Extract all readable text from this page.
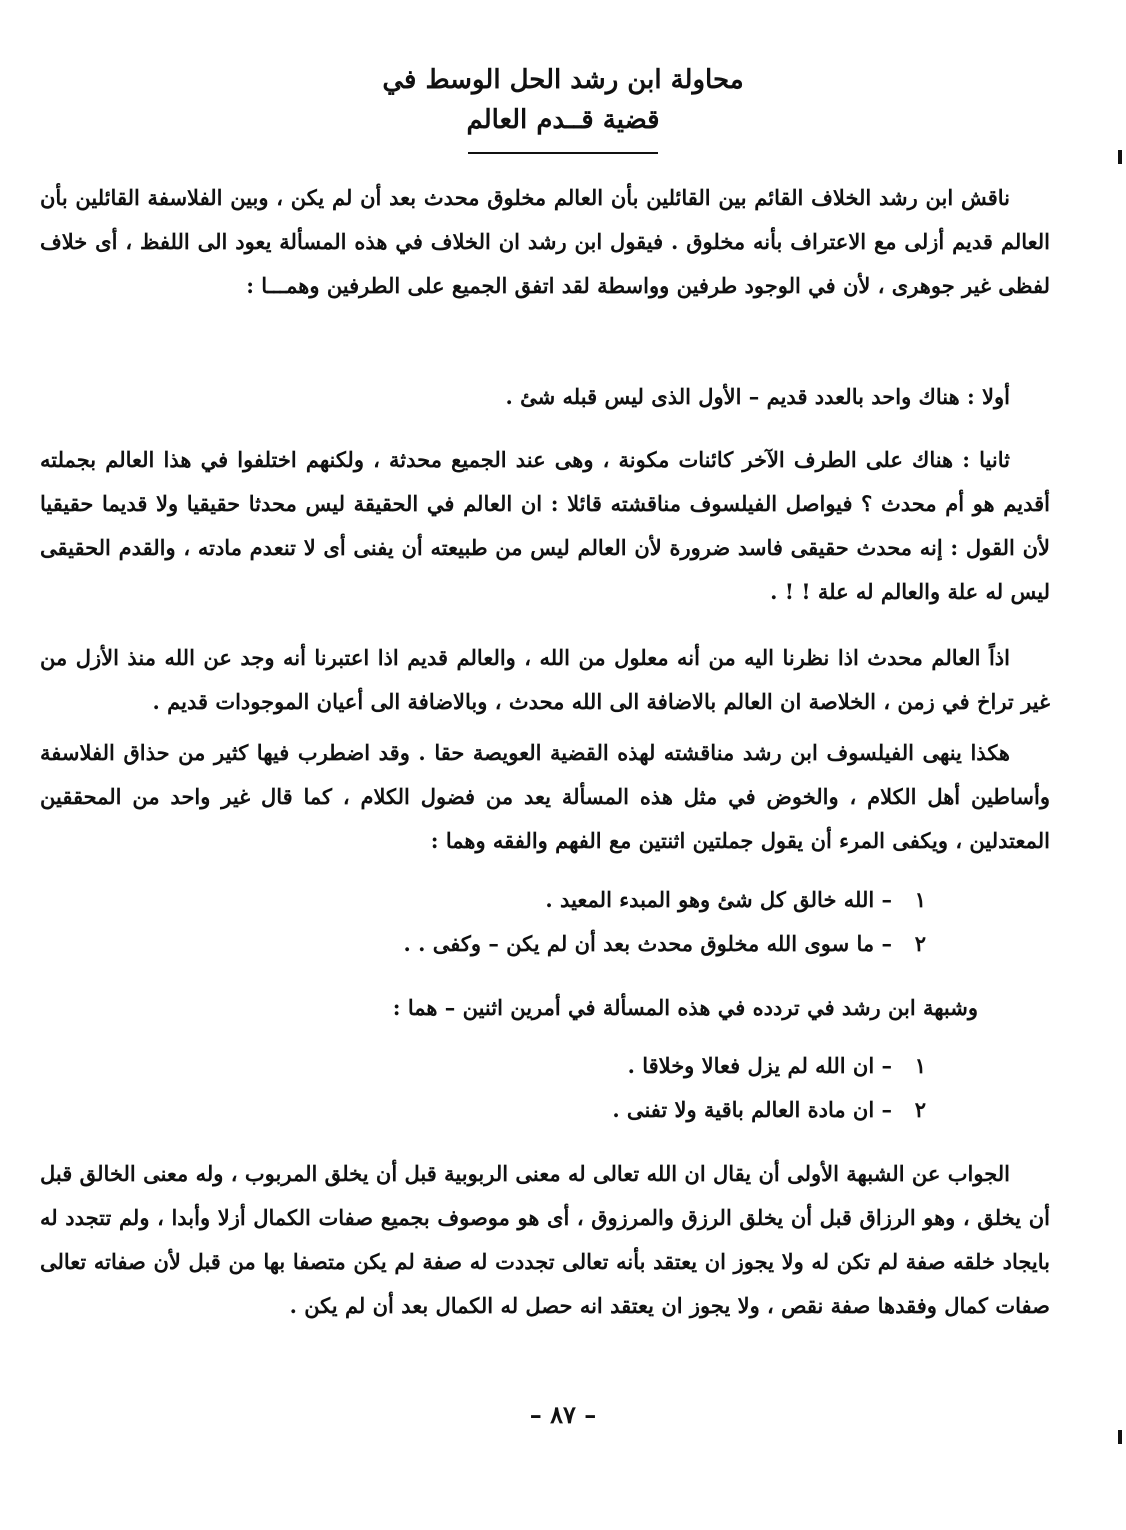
محاولة ابن رشد الحل الوسط في

قضية قــدم العالم

ناقش ابن رشد الخلاف القائم بين القائلين بأن العالم مخلوق محدث بعد أن لم يكن ، وبين الفلاسفة القائلين بأن العالم قديم أزلى مع الاعتراف بأنه مخلوق . فيقول ابن رشد ان الخلاف في هذه المسألة يعود الى اللفظ ، أى خلاف لفظى غير جوهرى ، لأن في الوجود طرفين وواسطة لقد اتفق الجميع على الطرفين وهمـــا :

أولا : هناك واحد بالعدد قديم – الأول الذى ليس قبله شئ .

ثانيا : هناك على الطرف الآخر كائنات مكونة ، وهى عند الجميع محدثة ، ولكنهم اختلفوا في هذا العالم بجملته أقديم هو أم محدث ؟ فيواصل الفيلسوف مناقشته قائلا : ان العالم في الحقيقة ليس محدثا حقيقيا ولا قديما حقيقيا لأن القول : إنه محدث حقيقى فاسد ضرورة لأن العالم ليس من طبيعته أن يفنى أى لا تنعدم مادته ، والقدم الحقيقى ليس له علة والعالم له علة ! ! .

اذاً العالم محدث اذا نظرنا اليه من أنه معلول من الله ، والعالم قديم اذا اعتبرنا أنه وجد عن الله منذ الأزل من غير تراخ في زمن ، الخلاصة ان العالم بالاضافة الى الله محدث ، وبالاضافة الى أعيان الموجودات قديم .

هكذا ينهى الفيلسوف ابن رشد مناقشته لهذه القضية العويصة حقا . وقد اضطرب فيها كثير من حذاق الفلاسفة وأساطين أهل الكلام ، والخوض في مثل هذه المسألة يعد من فضول الكلام ، كما قال غير واحد من المحققين المعتدلين ، ويكفى المرء أن يقول جملتين اثنتين مع الفهم والفقه وهما :

١– الله خالق كل شئ وهو المبدء المعيد .
٢– ما سوى الله مخلوق محدث بعد أن لم يكن – وكفى . .

وشبهة ابن رشد في تردده في هذه المسألة في أمرين اثنين – هما :

١– ان الله لم يزل فعالا وخلاقا .
٢– ان مادة العالم باقية ولا تفنى .

الجواب عن الشبهة الأولى أن يقال ان الله تعالى له معنى الربوبية قبل أن يخلق المربوب ، وله معنى الخالق قبل أن يخلق ، وهو الرزاق قبل أن يخلق الرزق والمرزوق ، أى هو موصوف بجميع صفات الكمال أزلا وأبدا ، ولم تتجدد له بايجاد خلقه صفة لم تكن له ولا يجوز ان يعتقد بأنه تعالى تجددت له صفة لم يكن متصفا بها من قبل لأن صفاته تعالى صفات كمال وفقدها صفة نقص ، ولا يجوز ان يعتقد انه حصل له الكمال بعد أن لم يكن .

– ٨٧ –
